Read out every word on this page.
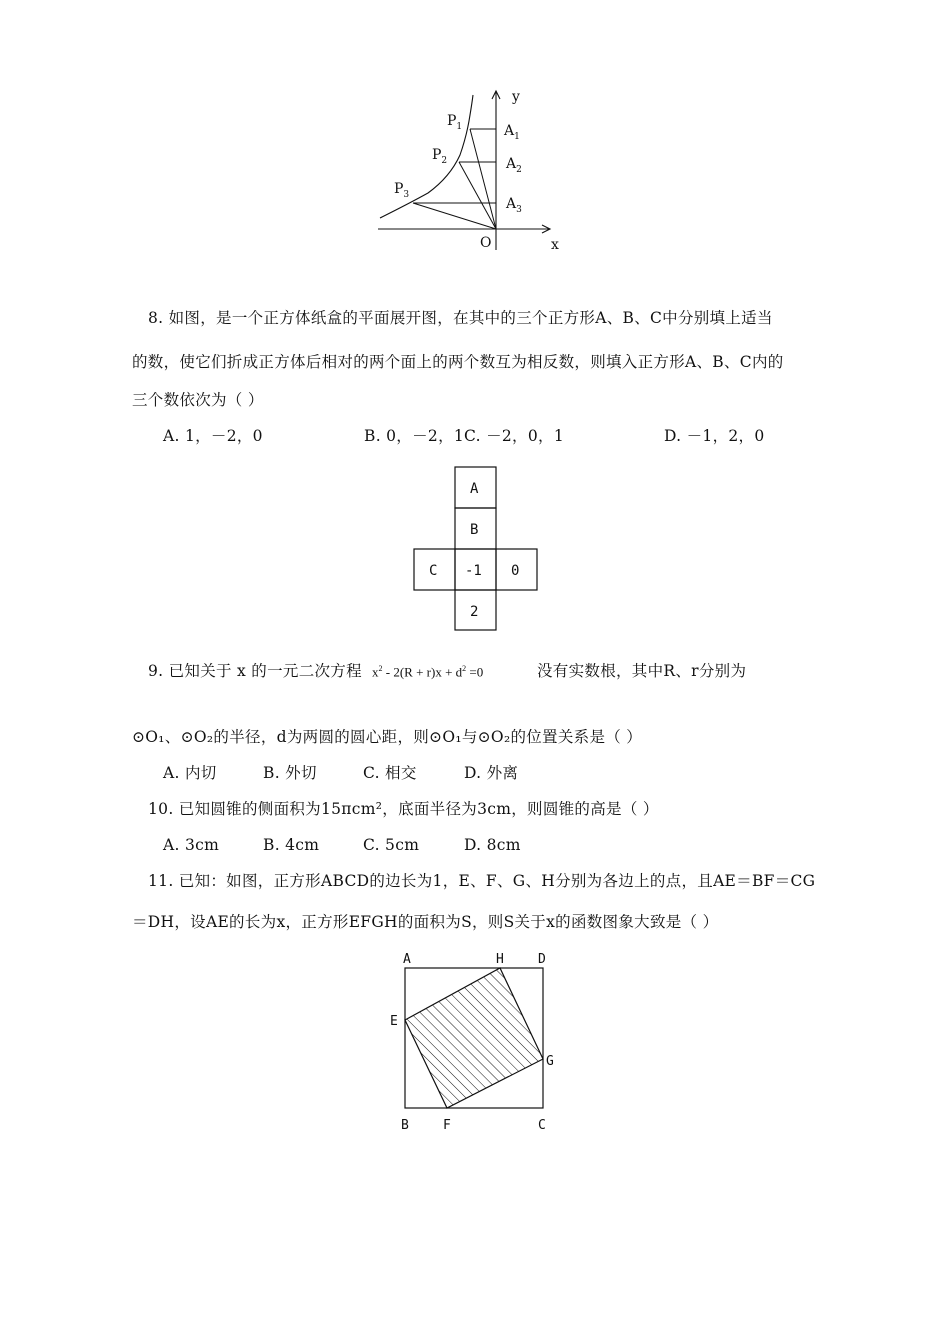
y
x
O
$P_1$
$P_2$
$P_3$
$A_1$
$A_2$
$A_3$
8. 如图，是一个正方体纸盒的平面展开图，在其中的三个正方形A、B、C中分别填上适当
的数，使它们折成正方体后相对的两个面上的两个数互为相反数，则填入正方形A、B、C内的
三个数依次为（ ）
A. 1，－2，0	B. 0，－2，1C. －2，0，1	D. －1，2，0
A
B
C -1 0
2
9. 已知关于 x 的一元二次方程 $x^2 - 2(R + r)x + d^2 =0$	没有实数根，其中R、r分别为
⊙O₁、⊙O₂的半径，d为两圆的圆心距，则⊙O₁与⊙O₂的位置关系是（ ）
A. 内切	B. 外切	C. 相交	D. 外离
10. 已知圆锥的侧面积为15πcm²，底面半径为3cm，则圆锥的高是（ ）
A. 3cm	B. 4cm	C. 5cm	D. 8cm
11. 已知：如图，正方形ABCD的边长为1，E、F、G、H分别为各边上的点，且AE＝BF＝CG
＝DH，设AE的长为x，正方形EFGH的面积为S，则S关于x的函数图象大致是（ ）
A	H	D
E
G
B	F	C
